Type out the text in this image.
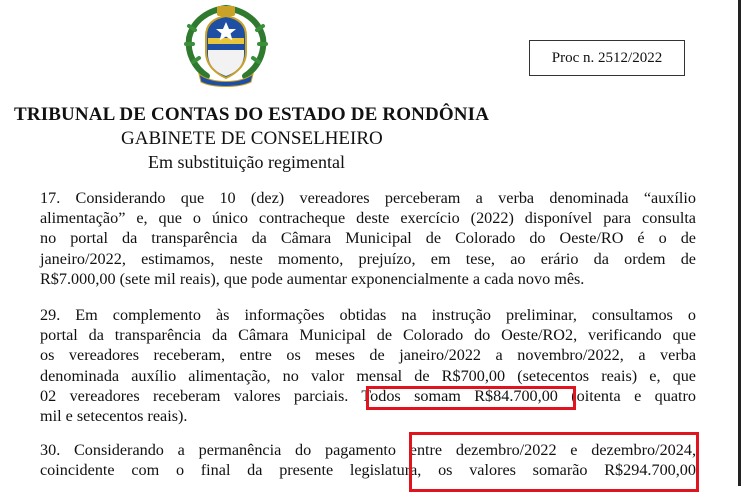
Proc n. 2512/2022
TRIBUNAL DE CONTAS DO ESTADO DE RONDÔNIA
GABINETE DE CONSELHEIRO
Em substituição regimental
17. Considerando que 10 (dez) vereadores perceberam a verba denominada “auxílio
alimentação” e, que o único contracheque deste exercício (2022) disponível para consulta
no portal da transparência da Câmara Municipal de Colorado do Oeste/RO é o de
janeiro/2022, estimamos, neste momento, prejuízo, em tese, ao erário da ordem de
R$7.000,00 (sete mil reais), que pode aumentar exponencialmente a cada novo mês.
29. Em complemento às informações obtidas na instrução preliminar, consultamos o
portal da transparência da Câmara Municipal de Colorado do Oeste/RO2, verificando que
os vereadores receberam, entre os meses de janeiro/2022 a novembro/2022, a verba
denominada auxílio alimentação, no valor mensal de R$700,00 (setecentos reais) e, que
02 vereadores receberam valores parciais. Todos somam R$84.700,00 (oitenta e quatro
mil e setecentos reais).
30. Considerando a permanência do pagamento entre dezembro/2022 e dezembro/2024,
coincidente com o final da presente legislatura, os valores somarão R$294.700,00
